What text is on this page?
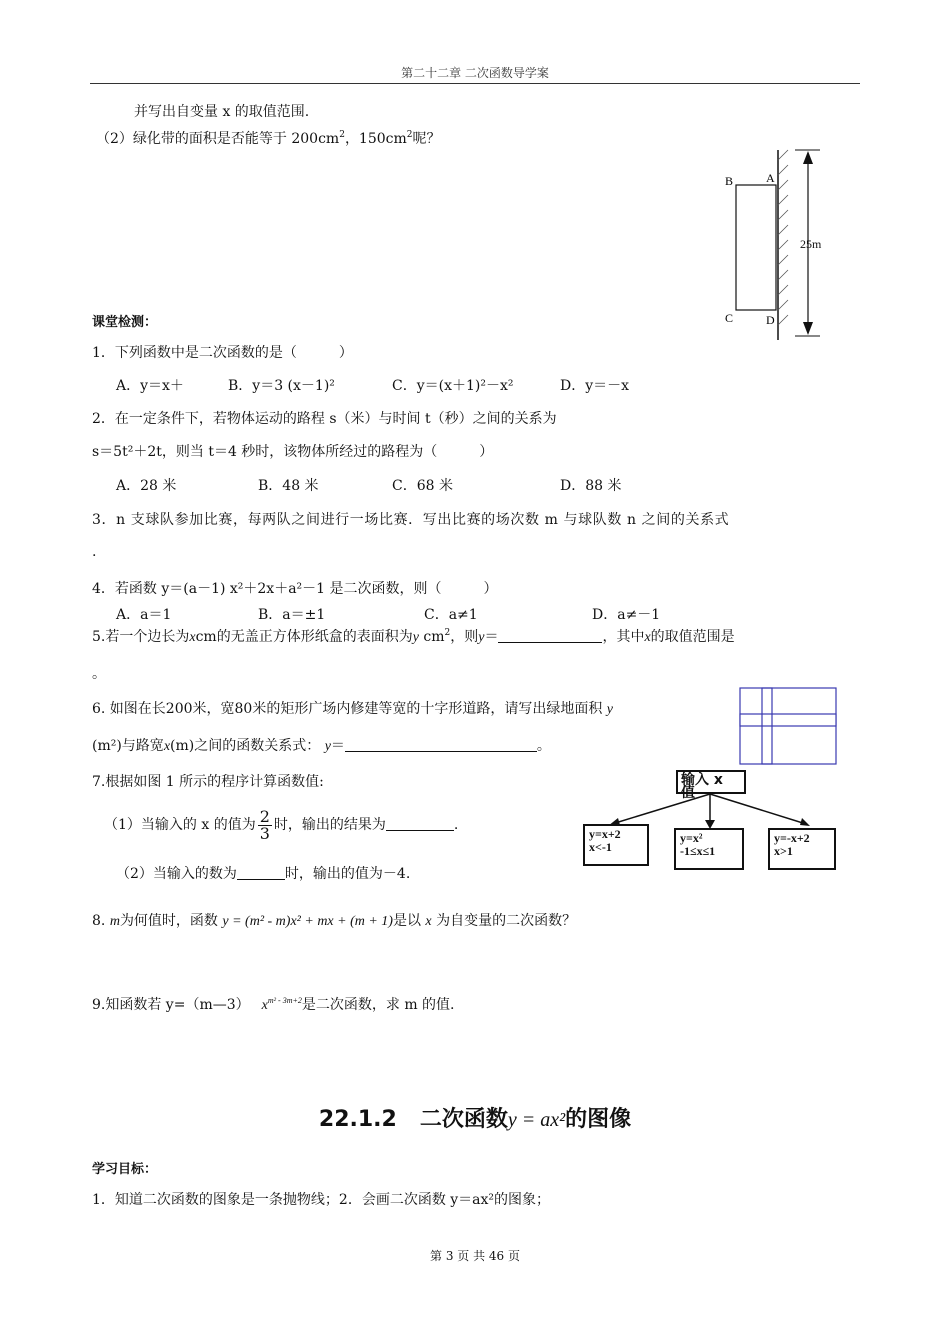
第二十二章 二次函数导学案
并写出自变量 x 的取值范围.
（2）绿化带的面积是否能等于 $200cm^2$，$150cm^2$呢？
B	A
C	D
25m
课堂检测：
1．下列函数中是二次函数的是（　　　）
A．y＝x＋	B．y＝3 (x－1)²	C．y＝(x＋1)²－x²	D．y＝－x
2．在一定条件下，若物体运动的路程 s（米）与时间 t（秒）之间的关系为
s＝5t²＋2t，则当 t＝4 秒时，该物体所经过的路程为（　　　）
A．28 米	B．48 米	C．68 米	D．88 米
3．n 支球队参加比赛，每两队之间进行一场比赛．写出比赛的场次数 m 与球队数 n 之间的关系式
.
4．若函数 y＝(a－1) x²＋2x＋a²－1 是二次函数，则（　　　）
A．a＝1	B．a＝±1	C．a≠1	D．a≠－1
5.若一个边长为xcm的无盖正方体形纸盒的表面积为y $cm^2$，则y＝	，其中x的取值范围是
。
6. 如图在长200米，宽80米的矩形广场内修建等宽的十字形道路，请写出绿地面积 y
(m²)与路宽x(m)之间的函数关系式： y＝	。
7.根据如图 1 所示的程序计算函数值:
（1）当输入的 x 的值为 $\frac{2}{3}$ 时，输出的结果为	.
（2）当输入的数为	时，输出的值为－4.
输入 x 值
y=x+2
x<-1
y=x²
-1≤x≤1
y=-x+2
x>1
8. m为何值时，函数 y = (m² - m)x² + mx + (m + 1)是以 x 为自变量的二次函数？
9.知函数若 y=（m—3） $x^{m^2 - 3m+2}$是二次函数，求 m 的值.
22.1.2 二次函数y = ax²的图像
学习目标：
1．知道二次函数的图象是一条抛物线；2．会画二次函数 y＝ax²的图象；
第 3 页 共 46 页
